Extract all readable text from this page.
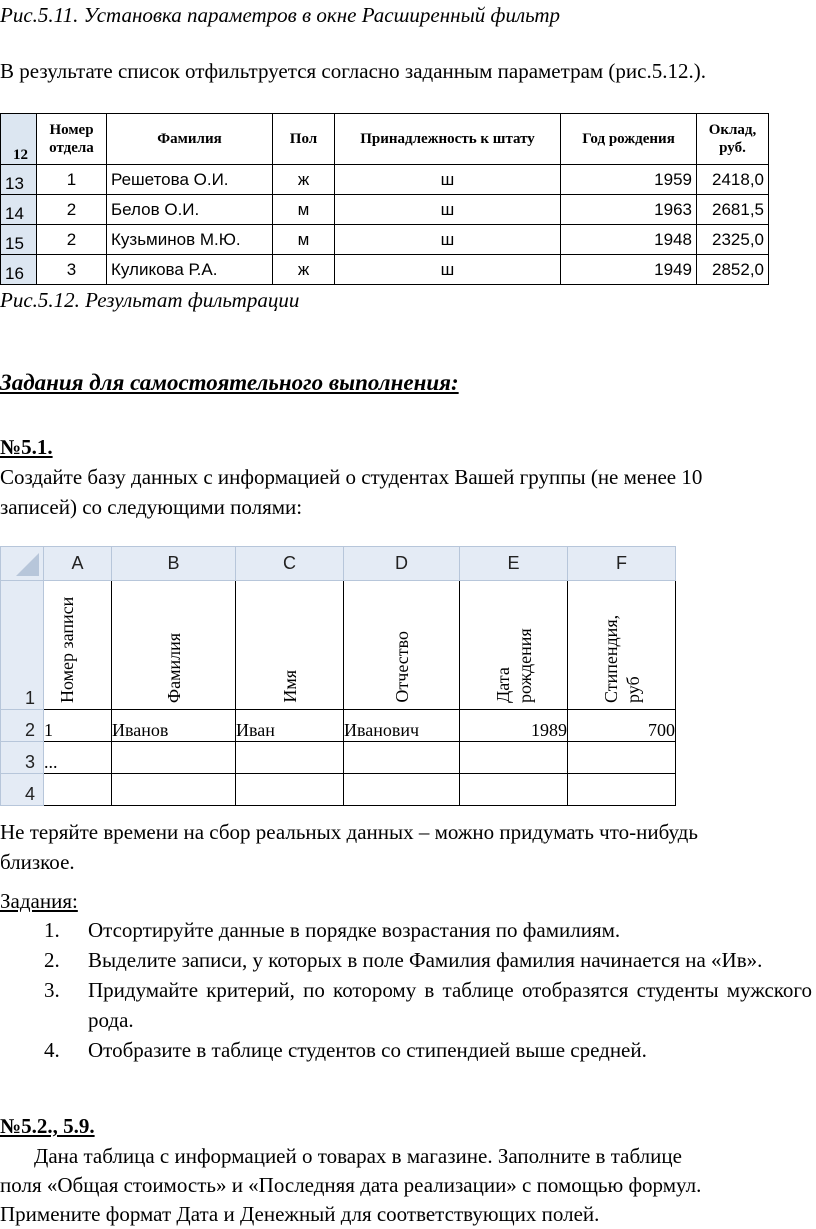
Рис.5.11. Установка параметров в окне Расширенный фильтр
В результате список отфильтруется согласно заданным параметрам (рис.5.12.).
12	Номер отдела	Фамилия	Пол	Принадлежность к штату	Год рождения	Оклад, руб.
13	1	Решетова О.И.	ж	ш	1959	2418,0
14	2	Белов О.И.	м	ш	1963	2681,5
15	2	Кузьминов М.Ю.	м	ш	1948	2325,0
16	3	Куликова Р.А.	ж	ш	1949	2852,0
Рис.5.12. Результат фильтрации
Задания для самостоятельного выполнения:
№5.1.
Создайте базу данных с информацией о студентах Вашей группы (не менее 10
записей) со следующими полями:
	A	B	C	D	E	F
1	Номер записи	Фамилия	Имя	Отчество	Дата рождения	Стипендия, руб

2	1	Иванов	Иван	Иванович	1989	700
3	...					
4						
Не теряйте времени на сбор реальных данных – можно придумать что-нибудь
близкое.
Задания:
1. Отсортируйте данные в порядке возрастания по фамилиям.
2. Выделите записи, у которых в поле Фамилия фамилия начинается на «Ив».
3. Придумайте критерий, по которому в таблице отобразятся студенты мужского рода.
4. Отобразите в таблице студентов со стипендией выше средней.
№5.2., 5.9.
Дана таблица с информацией о товарах в магазине. Заполните в таблице
поля «Общая стоимость» и «Последняя дата реализации» с помощью формул.
Примените формат Дата и Денежный для соответствующих полей.
